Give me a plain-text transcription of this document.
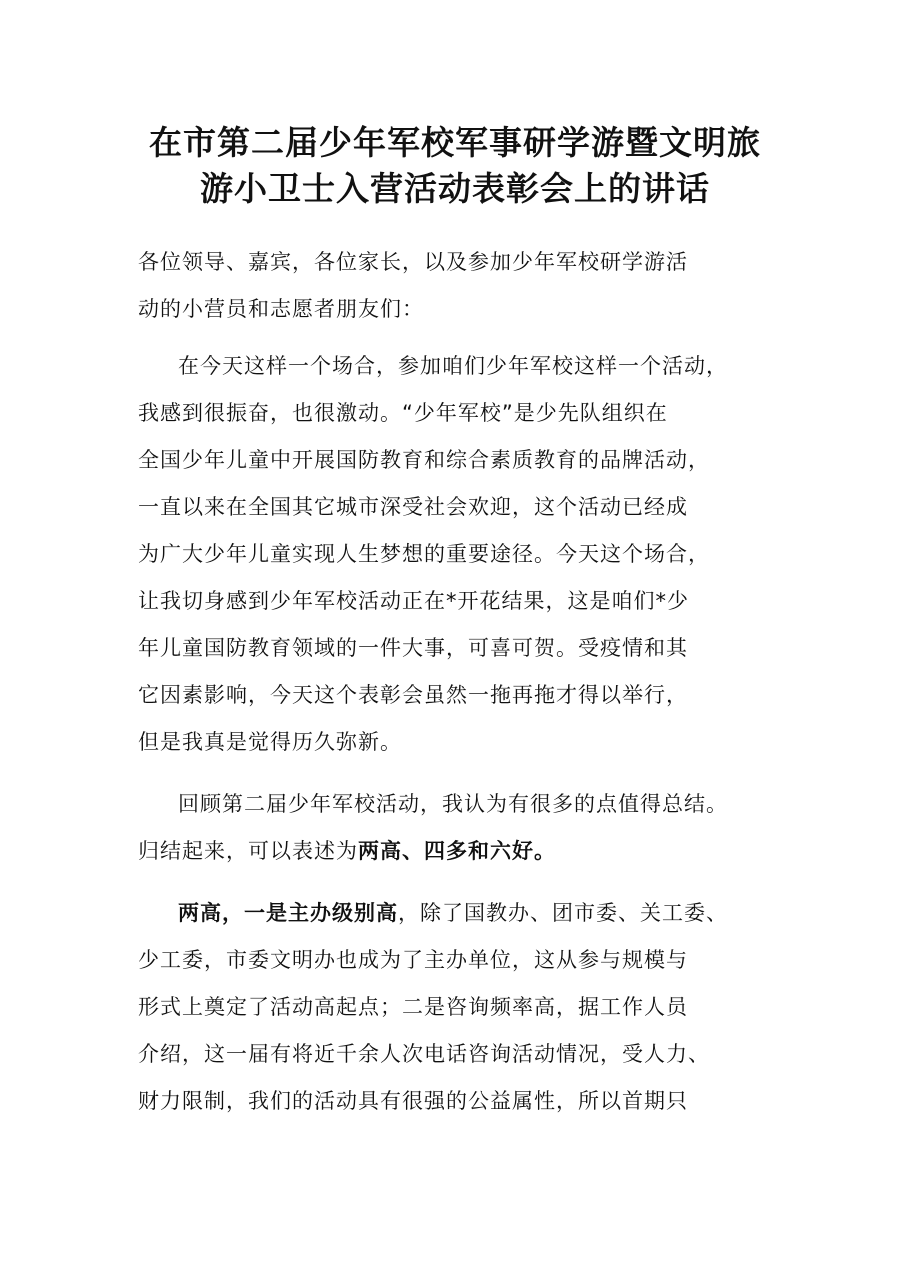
在市第二届少年军校军事研学游暨文明旅
游小卫士入营活动表彰会上的讲话
各位领导、嘉宾，各位家长，以及参加少年军校研学游活
动的小营员和志愿者朋友们：
在今天这样一个场合，参加咱们少年军校这样一个活动，
我感到很振奋，也很激动。“少年军校”是少先队组织在
全国少年儿童中开展国防教育和综合素质教育的品牌活动，
一直以来在全国其它城市深受社会欢迎，这个活动已经成
为广大少年儿童实现人生梦想的重要途径。今天这个场合，
让我切身感到少年军校活动正在*开花结果，这是咱们*少
年儿童国防教育领域的一件大事，可喜可贺。受疫情和其
它因素影响，今天这个表彰会虽然一拖再拖才得以举行，
但是我真是觉得历久弥新。
回顾第二届少年军校活动，我认为有很多的点值得总结。
归结起来，可以表述为两高、四多和六好。
两高，一是主办级别高，除了国教办、团市委、关工委、
少工委，市委文明办也成为了主办单位，这从参与规模与
形式上奠定了活动高起点；二是咨询频率高，据工作人员
介绍，这一届有将近千余人次电话咨询活动情况，受人力、
财力限制，我们的活动具有很强的公益属性，所以首期只
